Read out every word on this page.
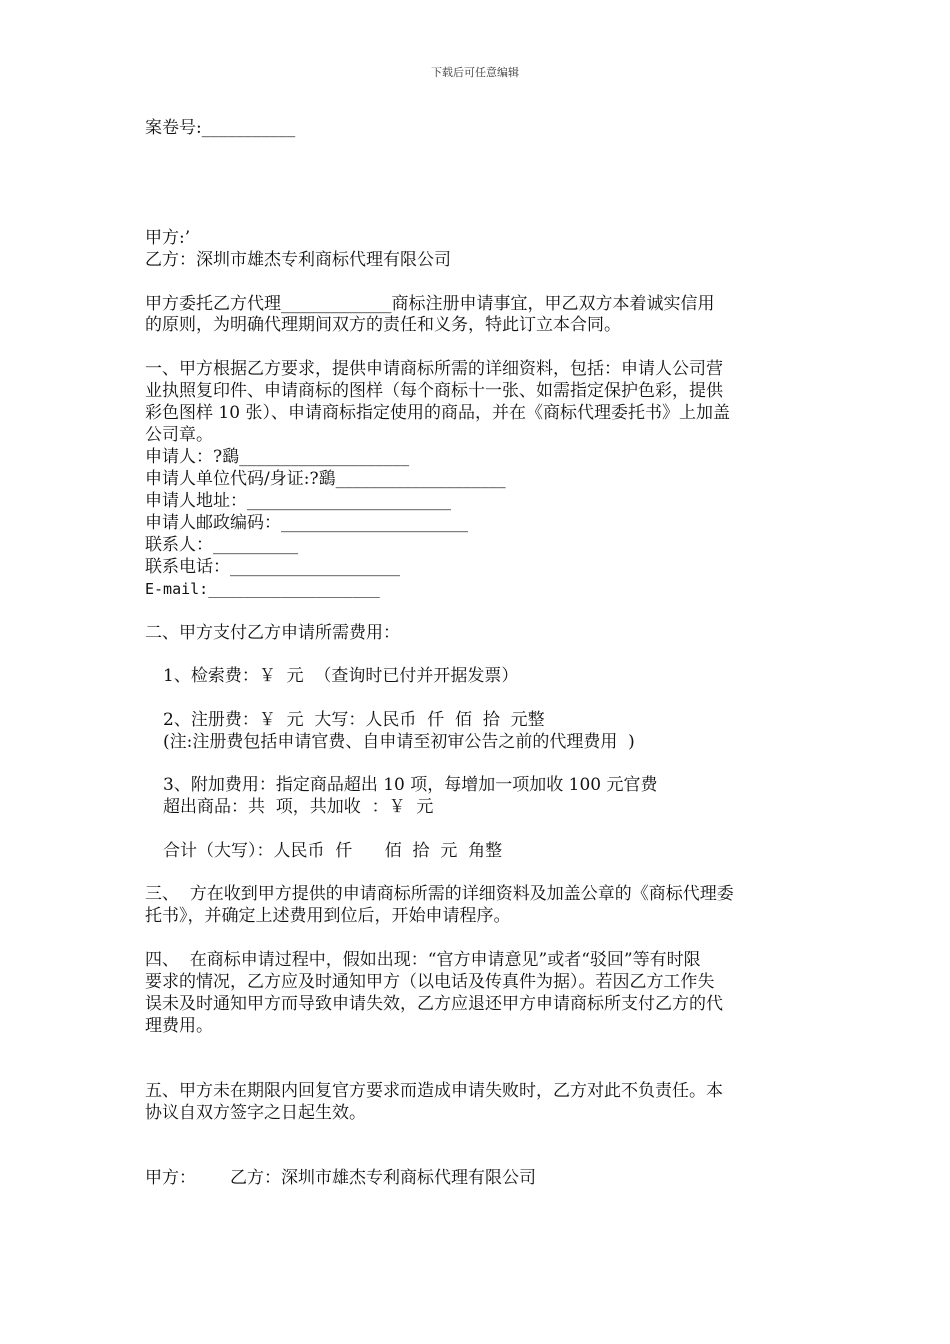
下载后可任意编辑
案卷号:___________
甲方:’
乙方：深圳市雄杰专利商标代理有限公司
甲方委托乙方代理_____________商标注册申请事宜，甲乙双方本着诚实信用
的原则，为明确代理期间双方的责任和义务，特此订立本合同。
一、甲方根据乙方要求，提供申请商标所需的详细资料，包括：申请人公司营
业执照复印件、申请商标的图样（每个商标十一张、如需指定保护色彩，提供
彩色图样 10 张）、申请商标指定使用的商品，并在《商标代理委托书》上加盖
公司章。
申请人：?鷂____________________
申请人单位代码/身证:?鷂____________________
申请人地址：________________________
申请人邮政编码：______________________
联系人：__________
联系电话：____________________
E-mail:___________________
二、甲方支付乙方申请所需费用：
1、检索费：￥  元  （查询时已付并开据发票）
2、注册费：￥  元  大写：人民币  仟  佰  拾  元整
(注:注册费包括申请官费、自申请至初审公告之前的代理费用  )
3、附加费用：指定商品超出 10 项，每增加一项加收 100 元官费
超出商品：共  项，共加收  ：￥  元
合计（大写）：人民币  仟      佰  拾  元  角整
三、  方在收到甲方提供的申请商标所需的详细资料及加盖公章的《商标代理委
托书》，并确定上述费用到位后，开始申请程序。
四、  在商标申请过程中，假如出现：“官方申请意见”或者“驳回”等有时限
要求的情况，乙方应及时通知甲方（以电话及传真件为据）。若因乙方工作失
误未及时通知甲方而导致申请失效，乙方应退还甲方申请商标所支付乙方的代
理费用。
五、甲方未在期限内回复官方要求而造成申请失败时，乙方对此不负责任。本
协议自双方签字之日起生效。
甲方： 乙方：深圳市雄杰专利商标代理有限公司
